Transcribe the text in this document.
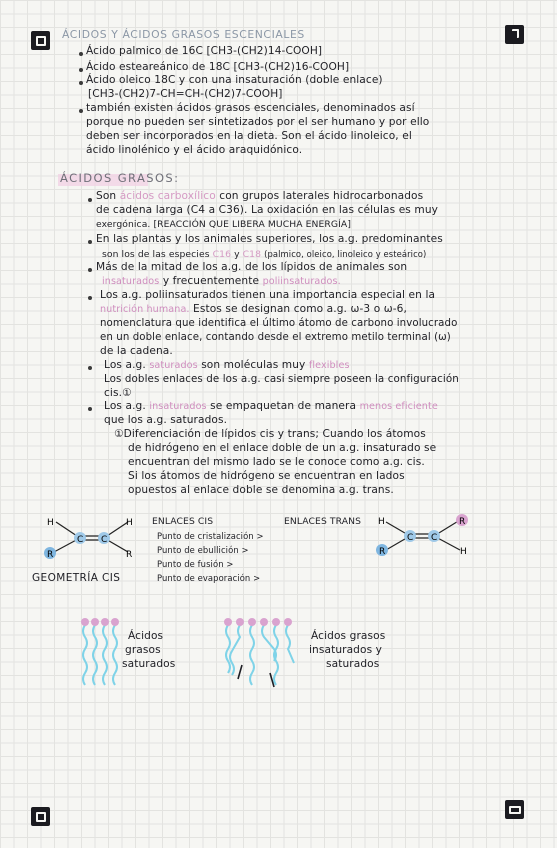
ÁCIDOS Y ÁCIDOS GRASOS ESCENCIALES
Ácido palmico de 16C [CH3-(CH2)14-COOH]
Ácido esteareánico de 18C [CH3-(CH2)16-COOH]
Ácido oleico 18C y con una insaturación (doble enlace)
[CH3-(CH2)7-CH=CH-(CH2)7-COOH]
también existen ácidos grasos escenciales, denominados así
porque no pueden ser sintetizados por el ser humano y por ello
deben ser incorporados en la dieta. Son el ácido linoleico, el
ácido linolénico y el ácido araquidónico.
ÁCIDOS GRASOS:
Son ácidos carboxílico con grupos laterales hidrocarbonados
de cadena larga (C4 a C36). La oxidación en las células es muy
exergónica. [REACCIÓN QUE LIBERA MUCHA ENERGÍA]
En las plantas y los animales superiores, los a.g. predominantes
son los de las especies C16 y C18 (palmico, oleico, linoleico y esteárico)
Más de la mitad de los a.g. de los lípidos de animales son
insaturados y frecuentemente poliinsaturados.
Los a.g. poliinsaturados tienen una importancia especial en la
nutrición humana. Estos se designan como a.g. ω-3 o ω-6,
nomenclatura que identifica el último átomo de carbono involucrado
en un doble enlace, contando desde el extremo metilo terminal (ω)
de la cadena.
Los a.g. saturados son moléculas muy flexibles
Los dobles enlaces de los a.g. casi siempre poseen la configuración
cis.①
Los a.g. insaturados se empaquetan de manera menos eficiente
que los a.g. saturados.
①Diferenciación de lípidos cis y trans; Cuando los átomos
de hidrógeno en el enlace doble de un a.g. insaturado se
encuentran del mismo lado se le conoce como a.g. cis.
Si los átomos de hidrógeno se encuentran en lados
opuestos al enlace doble se denomina a.g. trans.
C C
H	H
R	R
ENLACES CIS
Punto de cristalización >
Punto de ebullición >
Punto de fusión >
Punto de evaporación >
GEOMETRÍA CIS
ENLACES TRANS
C C
H
H
R
R
Ácidos
grasos
saturados
Ácidos grasos
insaturados y
saturados
